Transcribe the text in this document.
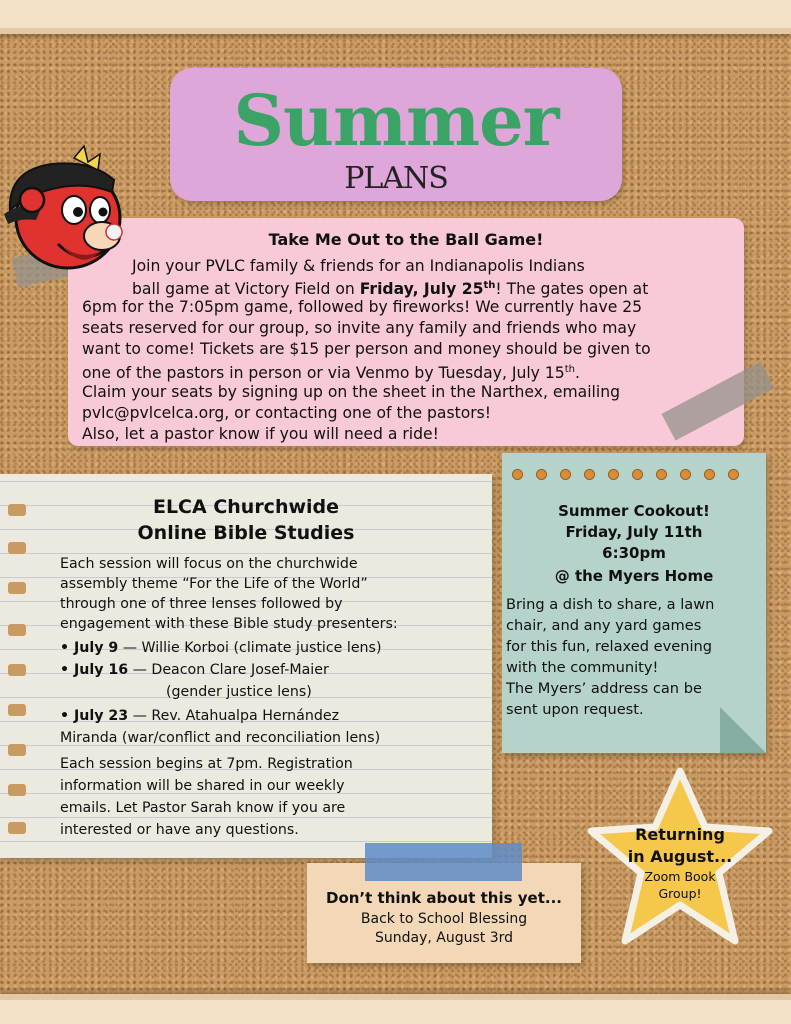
Summer
PLANS
Take Me Out to the Ball Game!
Join your PVLC family & friends for an Indianapolis Indians
ball game at Victory Field on Friday, July 25th! The gates open at
6pm for the 7:05pm game, followed by fireworks! We currently have 25
seats reserved for our group, so invite any family and friends who may
want to come! Tickets are $15 per person and money should be given to
one of the pastors in person or via Venmo by Tuesday, July 15th.
Claim your seats by signing up on the sheet in the Narthex, emailing
pvlc@pvlcelca.org, or contacting one of the pastors!
Also, let a pastor know if you will need a ride!
ELCA Churchwide
Online Bible Studies
Each session will focus on the churchwide
assembly theme “For the Life of the World”
through one of three lenses followed by
engagement with these Bible study presenters:
• July 9 — Willie Korboi (climate justice lens)
• July 16 — Deacon Clare Josef-Maier
(gender justice lens)
• July 23 — Rev. Atahualpa Hernández
Miranda (war/conflict and reconciliation lens)
Each session begins at 7pm. Registration
information will be shared in our weekly
emails. Let Pastor Sarah know if you are
interested or have any questions.
Summer Cookout!
Friday, July 11th
6:30pm
@ the Myers Home
Bring a dish to share, a lawn
chair, and any yard games
for this fun, relaxed evening
with the community!
The Myers’ address can be
sent upon request.
Returning
in August...
Zoom Book
Group!
Don’t think about this yet...
Back to School Blessing
Sunday, August 3rd
